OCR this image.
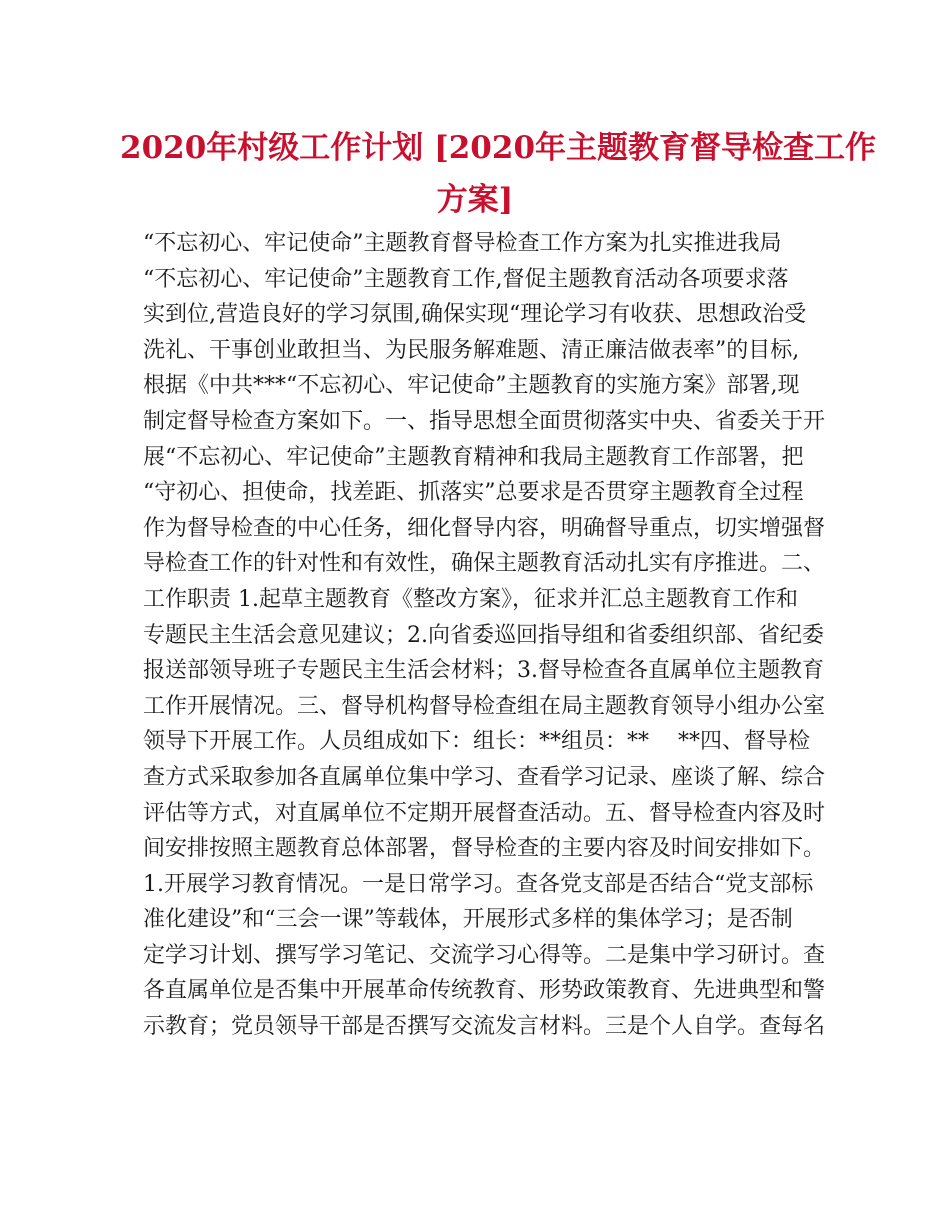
2020年村级工作计划 [2020年主题教育督导检查工作
方案]
“不忘初心、牢记使命”主题教育督导检查工作方案为扎实推进我局
“不忘初心、牢记使命”主题教育工作,督促主题教育活动各项要求落
实到位,营造良好的学习氛围,确保实现“理论学习有收获、思想政治受
洗礼、干事创业敢担当、为民服务解难题、清正廉洁做表率”的目标,
根据《中共***“不忘初心、牢记使命”主题教育的实施方案》部署,现
制定督导检查方案如下。一、指导思想全面贯彻落实中央、省委关于开
展“不忘初心、牢记使命”主题教育精神和我局主题教育工作部署，把
“守初心、担使命，找差距、抓落实”总要求是否贯穿主题教育全过程
作为督导检查的中心任务，细化督导内容，明确督导重点，切实增强督
导检查工作的针对性和有效性，确保主题教育活动扎实有序推进。二、
工作职责 1.起草主题教育《整改方案》，征求并汇总主题教育工作和
专题民主生活会意见建议；2.向省委巡回指导组和省委组织部、省纪委
报送部领导班子专题民主生活会材料；3.督导检查各直属单位主题教育
工作开展情况。三、督导机构督导检查组在局主题教育领导小组办公室
领导下开展工作。人员组成如下：组长：**组员：**　 **四、督导检
查方式采取参加各直属单位集中学习、查看学习记录、座谈了解、综合
评估等方式，对直属单位不定期开展督查活动。五、督导检查内容及时
间安排按照主题教育总体部署，督导检查的主要内容及时间安排如下。
1.开展学习教育情况。一是日常学习。查各党支部是否结合“党支部标
准化建设”和“三会一课”等载体，开展形式多样的集体学习；是否制
定学习计划、撰写学习笔记、交流学习心得等。二是集中学习研讨。查
各直属单位是否集中开展革命传统教育、形势政策教育、先进典型和警
示教育；党员领导干部是否撰写交流发言材料。三是个人自学。查每名
